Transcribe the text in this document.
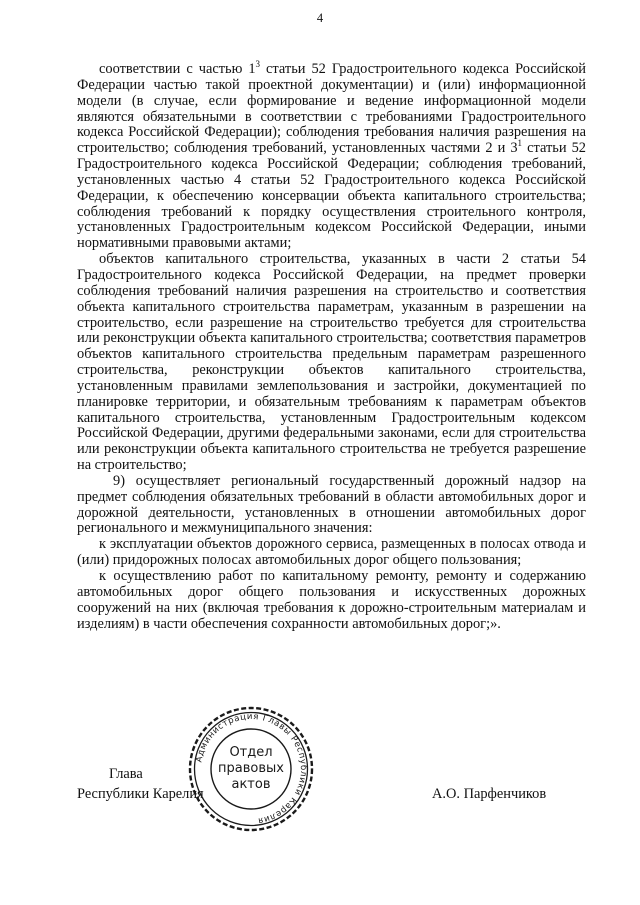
4

соответствии с частью $1^3$ статьи 52 Градостроительного кодекса Российской Федерации частью такой проектной документации) и (или) информационной модели (в случае, если формирование и ведение информационной модели являются обязательными в соответствии с требованиями Градостроительного кодекса Российской Федерации); соблюдения требования наличия разрешения на строительство; соблюдения требований, установленных частями 2 и $3^1$ статьи 52 Градостроительного кодекса Российской Федерации; соблюдения требований, установленных частью 4 статьи 52 Градостроительного кодекса Российской Федерации, к обеспечению консервации объекта капитального строительства; соблюдения требований к порядку осуществления строительного контроля, установленных Градостроительным кодексом Российской Федерации, иными нормативными правовыми актами;

объектов капитального строительства, указанных в части 2 статьи 54 Градостроительного кодекса Российской Федерации, на предмет проверки соблюдения требований наличия разрешения на строительство и соответствия объекта капитального строительства параметрам, указанным в разрешении на строительство, если разрешение на строительство требуется для строительства или реконструкции объекта капитального строительства; соответствия параметров объектов капитального строительства предельным параметрам разрешенного строительства, реконструкции объектов капитального строительства, установленным правилами землепользования и застройки, документацией по планировке территории, и обязательным требованиям к параметрам объектов капитального строительства, установленным Градостроительным кодексом Российской Федерации, другими федеральными законами, если для строительства или реконструкции объекта капитального строительства не требуется разрешение на строительство;

9) осуществляет региональный государственный дорожный надзор на предмет соблюдения обязательных требований в области автомобильных дорог и дорожной деятельности, установленных в отношении автомобильных дорог регионального и межмуниципального значения:

к эксплуатации объектов дорожного сервиса, размещенных в полосах отвода и (или) придорожных полосах автомобильных дорог общего пользования;

к осуществлению работ по капитальному ремонту, ремонту и содержанию автомобильных дорог общего пользования и искусственных дорожных сооружений на них (включая требования к дорожно-строительным материалам и изделиям) в части обеспечения сохранности автомобильных дорог;».

Глава
Республики Карелия	А.О. Парфенчиков
Администрация Главы Республики Карелия
Отдел
правовых
актов
